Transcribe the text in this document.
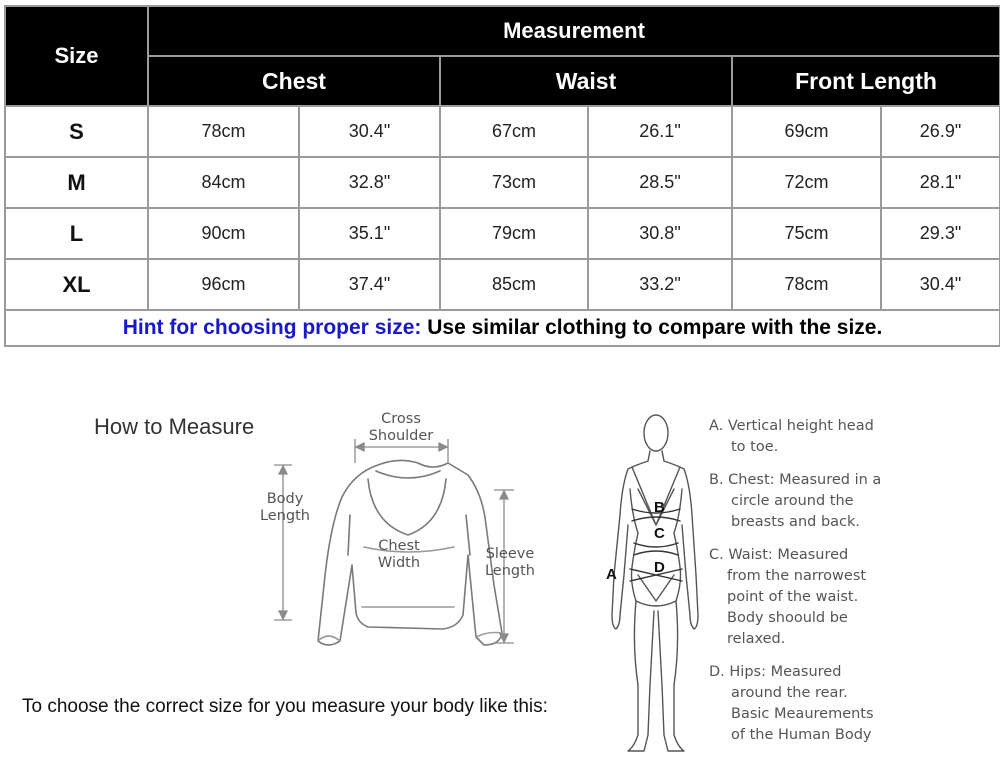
Size	Measurement					
	Chest		Waist		Front Length	
S	78cm	30.4"	67cm	26.1"	69cm	26.9"
M	84cm	32.8"	73cm	28.5"	72cm	28.1"
L	90cm	35.1"	79cm	30.8"	75cm	29.3"
XL	96cm	37.4"	85cm	33.2"	78cm	30.4"
Hint for choosing proper size: Use similar clothing to compare with the size.						
How to Measure	Cross
Shoulder
Body
Length
Chest
Width
Sleeve
Length
To choose the correct size for you measure your body like this:
B
C
D
A
A. Vertical height head
to toe.
B. Chest: Measured in a
circle around the
breasts and back.
C. Waist: Measured
from the narrowest
point of the waist.
Body shoould be
relaxed.
D. Hips: Measured
around the rear.
Basic Meaurements
of the Human Body
